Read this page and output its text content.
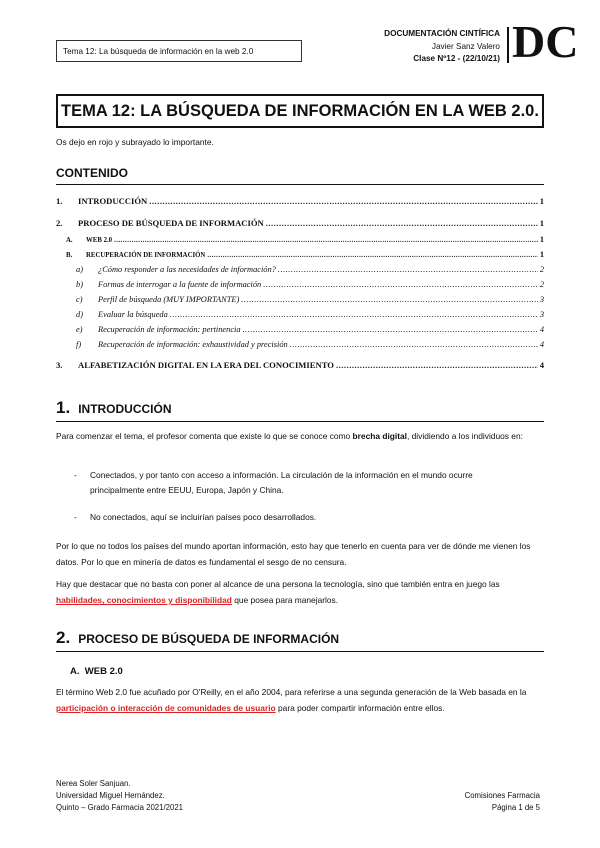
Tema 12: La búsqueda de información en la web 2.0
DOCUMENTACIÓN CINTÍFICA
Javier Sanz Valero
Clase Nº12 - (22/10/21) DC
TEMA 12: LA BÚSQUEDA DE INFORMACIÓN EN LA WEB 2.0.
Os dejo en rojo y subrayado lo importante.
CONTENIDO
1.	INTRODUCCIÓN .....	1
2.	PROCESO DE BÚSQUEDA DE INFORMACIÓN .....	1
A.	WEB 2.0 .....	1
B.	RECUPERACIÓN DE INFORMACIÓN .....	1
a)	¿Cómo responder a las necesidades de información? .....	2
b)	Formas de interrogar a la fuente de información .....	2
c)	Perfil de búsqueda (MUY IMPORTANTE) .....	3
d)	Evaluar la búsqueda .....	3
e)	Recuperación de información: pertinencia .....	4
f)	Recuperación de información: exhaustividad y precisión .....	4
3.	ALFABETIZACIÓN DIGITAL EN LA ERA DEL CONOCIMIENTO .....	4
1. INTRODUCCIÓN
Para comenzar el tema, el profesor comenta que existe lo que se conoce como brecha digital, dividiendo a los individuos en:
- Conectados, y por tanto con acceso a información. La circulación de la información en el mundo ocurre principalmente entre EEUU, Europa, Japón y China.
- No conectados, aquí se incluirían países poco desarrollados.
Por lo que no todos los países del mundo aportan información, esto hay que tenerlo en cuenta para ver de dónde me vienen los datos. Por lo que en minería de datos es fundamental el sesgo de no censura.
Hay que destacar que no basta con poner al alcance de una persona la tecnología, sino que también entra en juego las habilidades, conocimientos y disponibilidad que posea para manejarlos.
2. PROCESO DE BÚSQUEDA DE INFORMACIÓN
A. WEB 2.0
El término Web 2.0 fue acuñado por O'Reilly, en el año 2004, para referirse a una segunda generación de la Web basada en la participación o interacción de comunidades de usuario para poder compartir información entre ellos.
Nerea Soler Sanjuan.
Universidad Miguel Hernández.
Quinto – Grado Farmacia 2021/2021
Comisiones Farmacia
Página 1 de 5
